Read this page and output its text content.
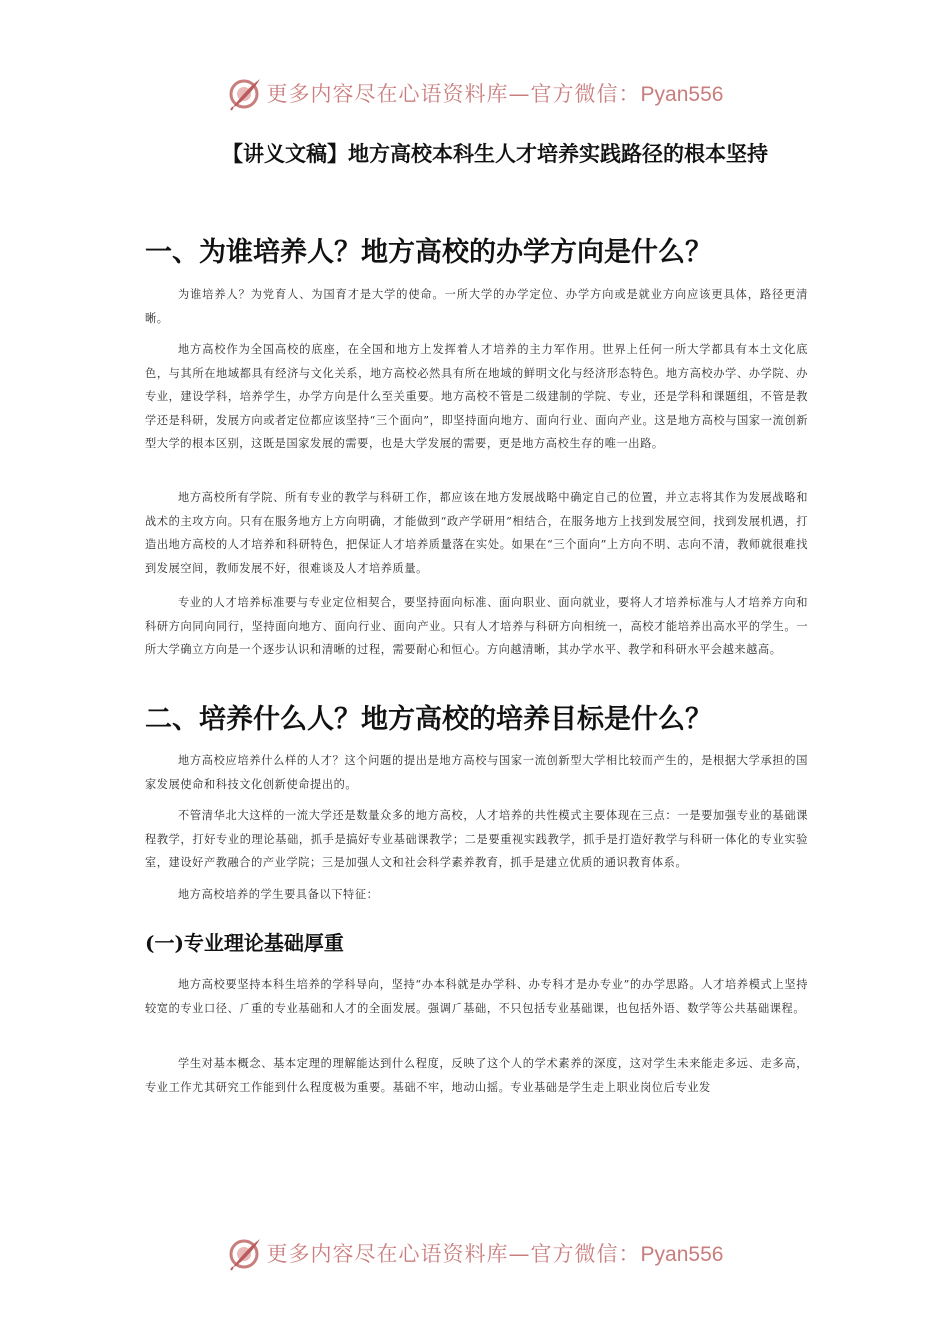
更多内容尽在心语资料库—官方微信：Pyan556
【讲义文稿】地方高校本科生人才培养实践路径的根本坚持
一、为谁培养人？地方高校的办学方向是什么？

为谁培养人？为党育人、为国育才是大学的使命。一所大学的办学定位、办学方向或是就业方向应该更具体，路径更清晰。

地方高校作为全国高校的底座，在全国和地方上发挥着人才培养的主力军作用。世界上任何一所大学都具有本土文化底色，与其所在地域都具有经济与文化关系，地方高校必然具有所在地域的鲜明文化与经济形态特色。地方高校办学、办学院、办专业，建设学科，培养学生，办学方向是什么至关重要。地方高校不管是二级建制的学院、专业，还是学科和课题组，不管是教学还是科研，发展方向或者定位都应该坚持“三个面向”，即坚持面向地方、面向行业、面向产业。这是地方高校与国家一流创新型大学的根本区别，这既是国家发展的需要，也是大学发展的需要，更是地方高校生存的唯一出路。

地方高校所有学院、所有专业的教学与科研工作，都应该在地方发展战略中确定自己的位置，并立志将其作为发展战略和战术的主攻方向。只有在服务地方上方向明确，才能做到“政产学研用”相结合，在服务地方上找到发展空间，找到发展机遇，打造出地方高校的人才培养和科研特色，把保证人才培养质量落在实处。如果在“三个面向”上方向不明、志向不清，教师就很难找到发展空间，教师发展不好，很难谈及人才培养质量。

专业的人才培养标准要与专业定位相契合，要坚持面向标准、面向职业、面向就业，要将人才培养标准与人才培养方向和科研方向同向同行，坚持面向地方、面向行业、面向产业。只有人才培养与科研方向相统一，高校才能培养出高水平的学生。一所大学确立方向是一个逐步认识和清晰的过程，需要耐心和恒心。方向越清晰，其办学水平、教学和科研水平会越来越高。

二、培养什么人？地方高校的培养目标是什么？

地方高校应培养什么样的人才？这个问题的提出是地方高校与国家一流创新型大学相比较而产生的，是根据大学承担的国家发展使命和科技文化创新使命提出的。

不管清华北大这样的一流大学还是数量众多的地方高校，人才培养的共性模式主要体现在三点：一是要加强专业的基础课程教学，打好专业的理论基础，抓手是搞好专业基础课教学；二是要重视实践教学，抓手是打造好教学与科研一体化的专业实验室，建设好产教融合的产业学院；三是加强人文和社会科学素养教育，抓手是建立优质的通识教育体系。

地方高校培养的学生要具备以下特征：

(一)专业理论基础厚重

地方高校要坚持本科生培养的学科导向，坚持“办本科就是办学科、办专科才是办专业”的办学思路。人才培养模式上坚持较宽的专业口径、⺁重的专业基础和人才的全面发展。强调⺁基础，不只包括专业基础课，也包括外语、数学等公共基础课程。

学生对基本概念、基本定理的理解能达到什么程度，反映了这个人的学术素养的深度，这对学生未来能走多远、走多高，专业工作尤其研究工作能到什么程度极为重要。基础不牢，地动山摇。专业基础是学生走上职业岗位后专业发

更多内容尽在心语资料库—官方微信：Pyan556
